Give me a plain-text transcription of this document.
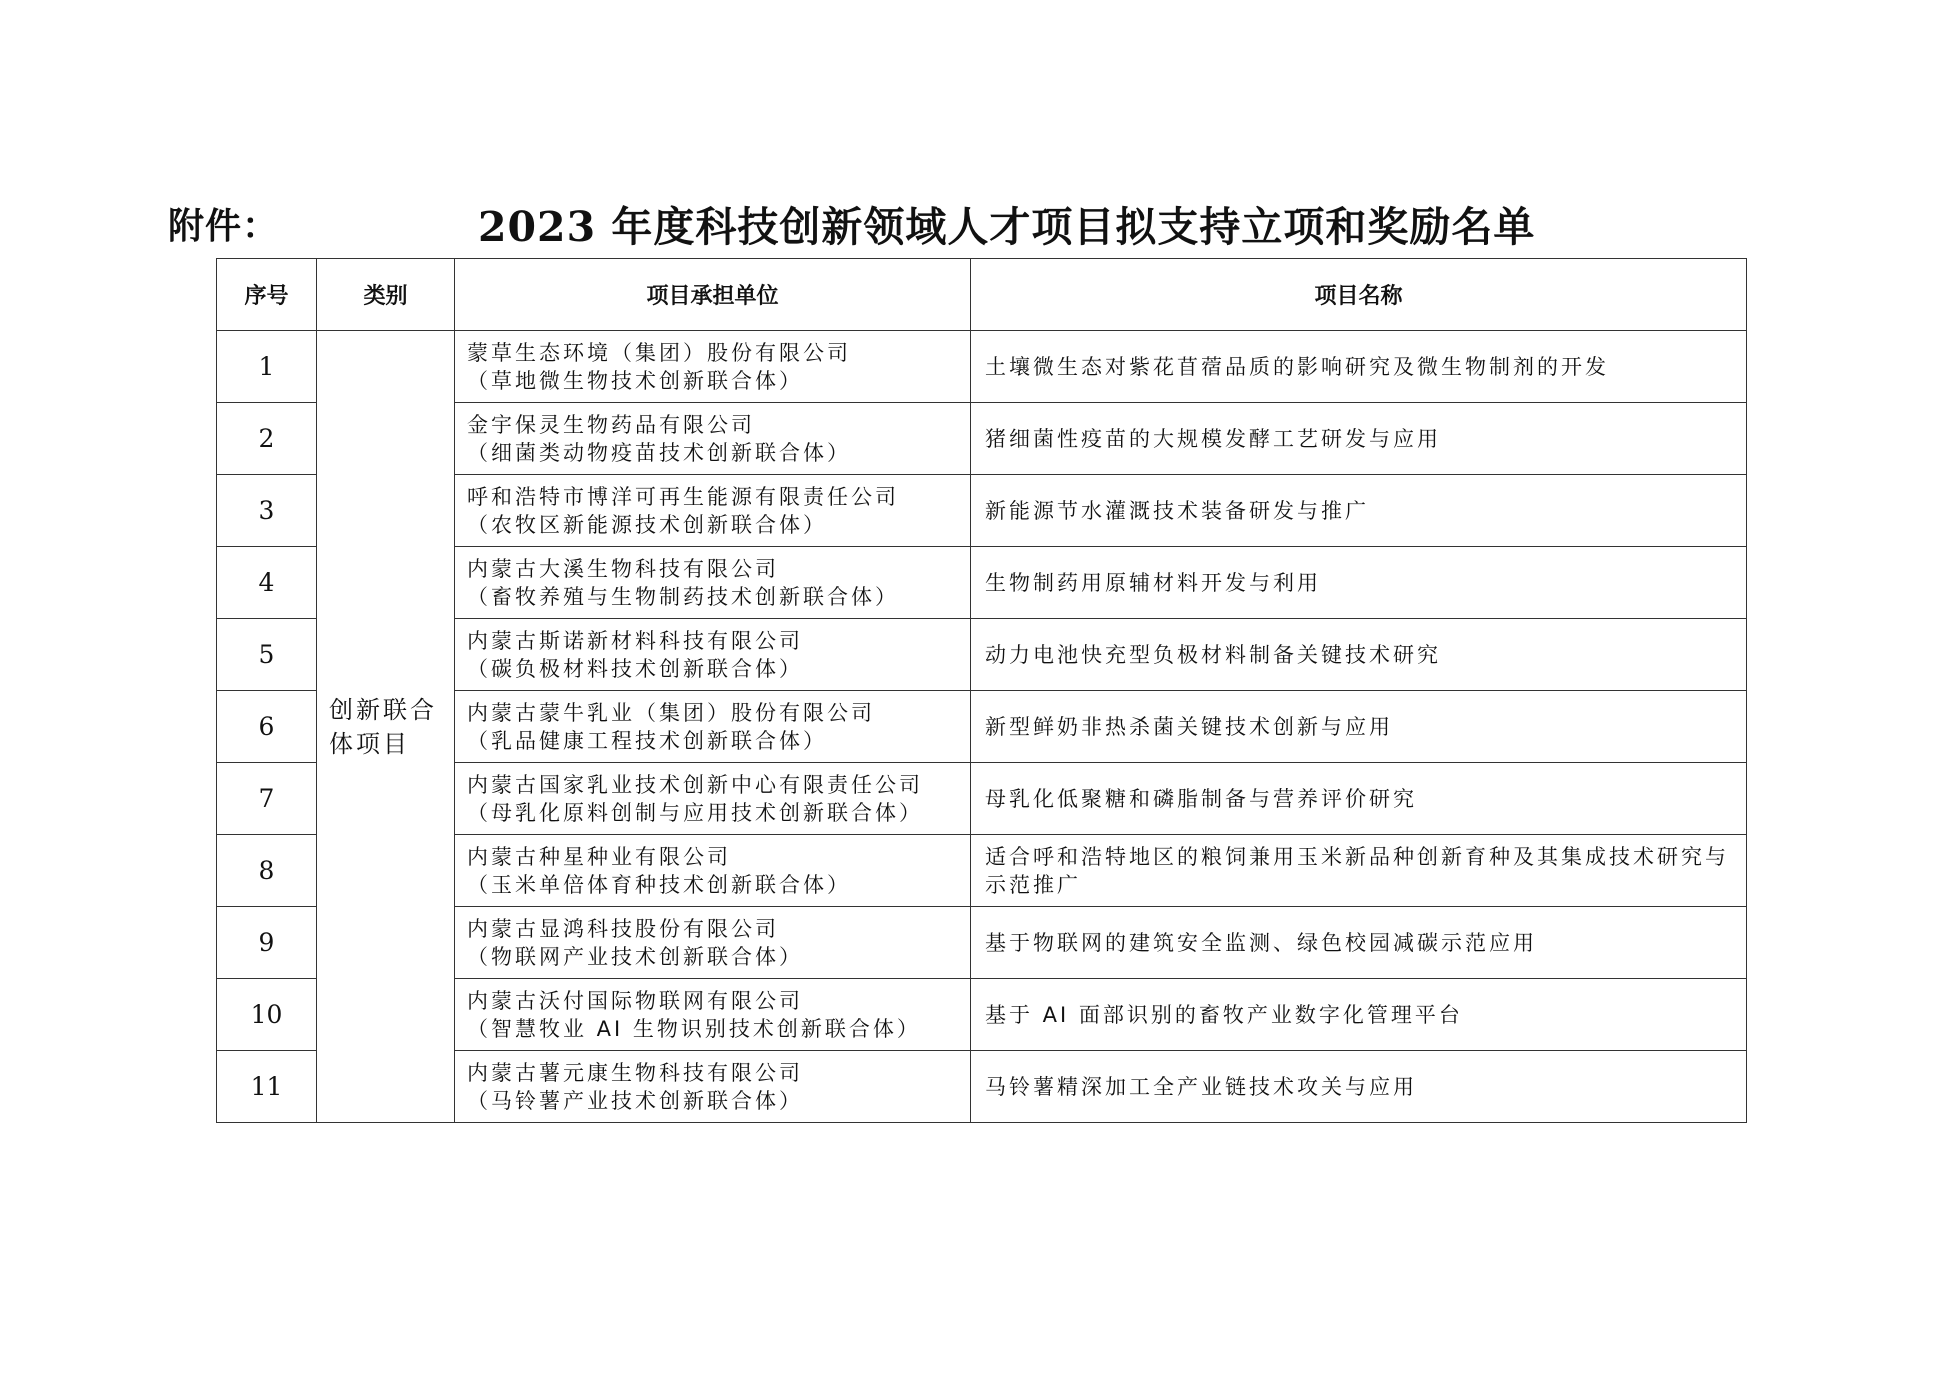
附件：	2023 年度科技创新领域人才项目拟支持立项和奖励名单
序号	类别	项目承担单位	项目名称
1	创新联合体项目	蒙草生态环境（集团）股份有限公司
（草地微生物技术创新联合体）	土壤微生态对紫花苜蓿品质的影响研究及微生物制剂的开发
2		金宇保灵生物药品有限公司
（细菌类动物疫苗技术创新联合体）	猪细菌性疫苗的大规模发酵工艺研发与应用
3		呼和浩特市博洋可再生能源有限责任公司
（农牧区新能源技术创新联合体）	新能源节水灌溉技术装备研发与推广
4		内蒙古大溪生物科技有限公司
（畜牧养殖与生物制药技术创新联合体）	生物制药用原辅材料开发与利用
5		内蒙古斯诺新材料科技有限公司
（碳负极材料技术创新联合体）	动力电池快充型负极材料制备关键技术研究
6		内蒙古蒙牛乳业（集团）股份有限公司
（乳品健康工程技术创新联合体）	新型鲜奶非热杀菌关键技术创新与应用
7		内蒙古国家乳业技术创新中心有限责任公司
（母乳化原料创制与应用技术创新联合体）	母乳化低聚糖和磷脂制备与营养评价研究
8		内蒙古种星种业有限公司
（玉米单倍体育种技术创新联合体）	适合呼和浩特地区的粮饲兼用玉米新品种创新育种及其集成技术研究与示范推广
9		内蒙古显鸿科技股份有限公司
（物联网产业技术创新联合体）	基于物联网的建筑安全监测、绿色校园减碳示范应用
10		内蒙古沃付国际物联网有限公司
（智慧牧业 AI 生物识别技术创新联合体）	基于 AI 面部识别的畜牧产业数字化管理平台
11		内蒙古薯元康生物科技有限公司
（马铃薯产业技术创新联合体）	马铃薯精深加工全产业链技术攻关与应用
